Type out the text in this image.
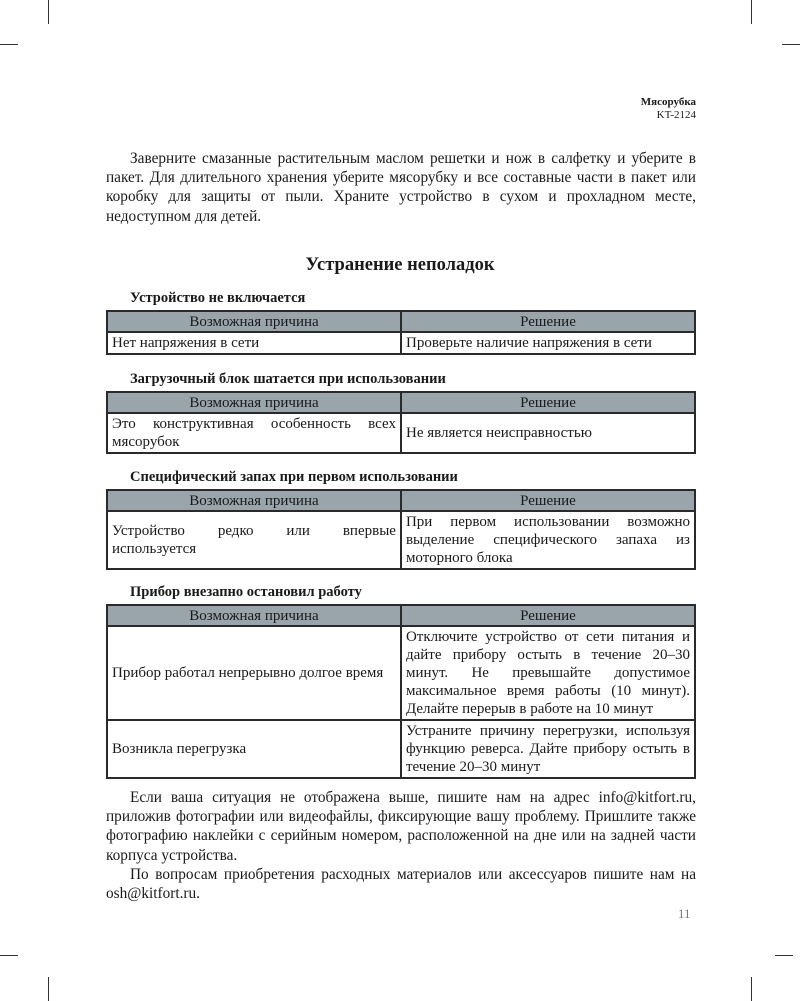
Мясорубка
KT-2124

Заверните смазанные растительным маслом решетки и нож в салфетку и уберите в пакет. Для длительного хранения уберите мясорубку и все составные части в пакет или коробку для защиты от пыли. Храните устройство в сухом и прохладном месте, недоступном для детей.

Устранение неполадок
Устройство не включается
Возможная причина	Решение
Нет напряжения в сети	Проверьте наличие напряжения в сети
Загрузочный блок шатается при использовании
Возможная причина	Решение
Это конструктивная особенность всех мясорубок	Не является неисправностью
Специфический запах при первом использовании
Возможная причина	Решение
Устройство редко или впервые используется	При первом использовании возможно выделение специфического запаха из моторного блока
Прибор внезапно остановил работу
Возможная причина	Решение
Прибор работал непрерывно долгое время	Отключите устройство от сети питания и дайте прибору остыть в течение 20–30 минут. Не превышайте допустимое максимальное время работы (10 минут). Делайте перерыв в работе на 10 минут
Возникла перегрузка	Устраните причину перегрузки, используя функцию реверса. Дайте прибору остыть в течение 20–30 минут

Если ваша ситуация не отображена выше, пишите нам на адрес info@kitfort.ru, приложив фотографии или видеофайлы, фиксирующие вашу проблему. Пришлите также фотографию наклейки с серийным номером, расположенной на дне или на задней части корпуса устройства.

По вопросам приобретения расходных материалов или аксессуаров пишите нам на osh@kitfort.ru.

11
